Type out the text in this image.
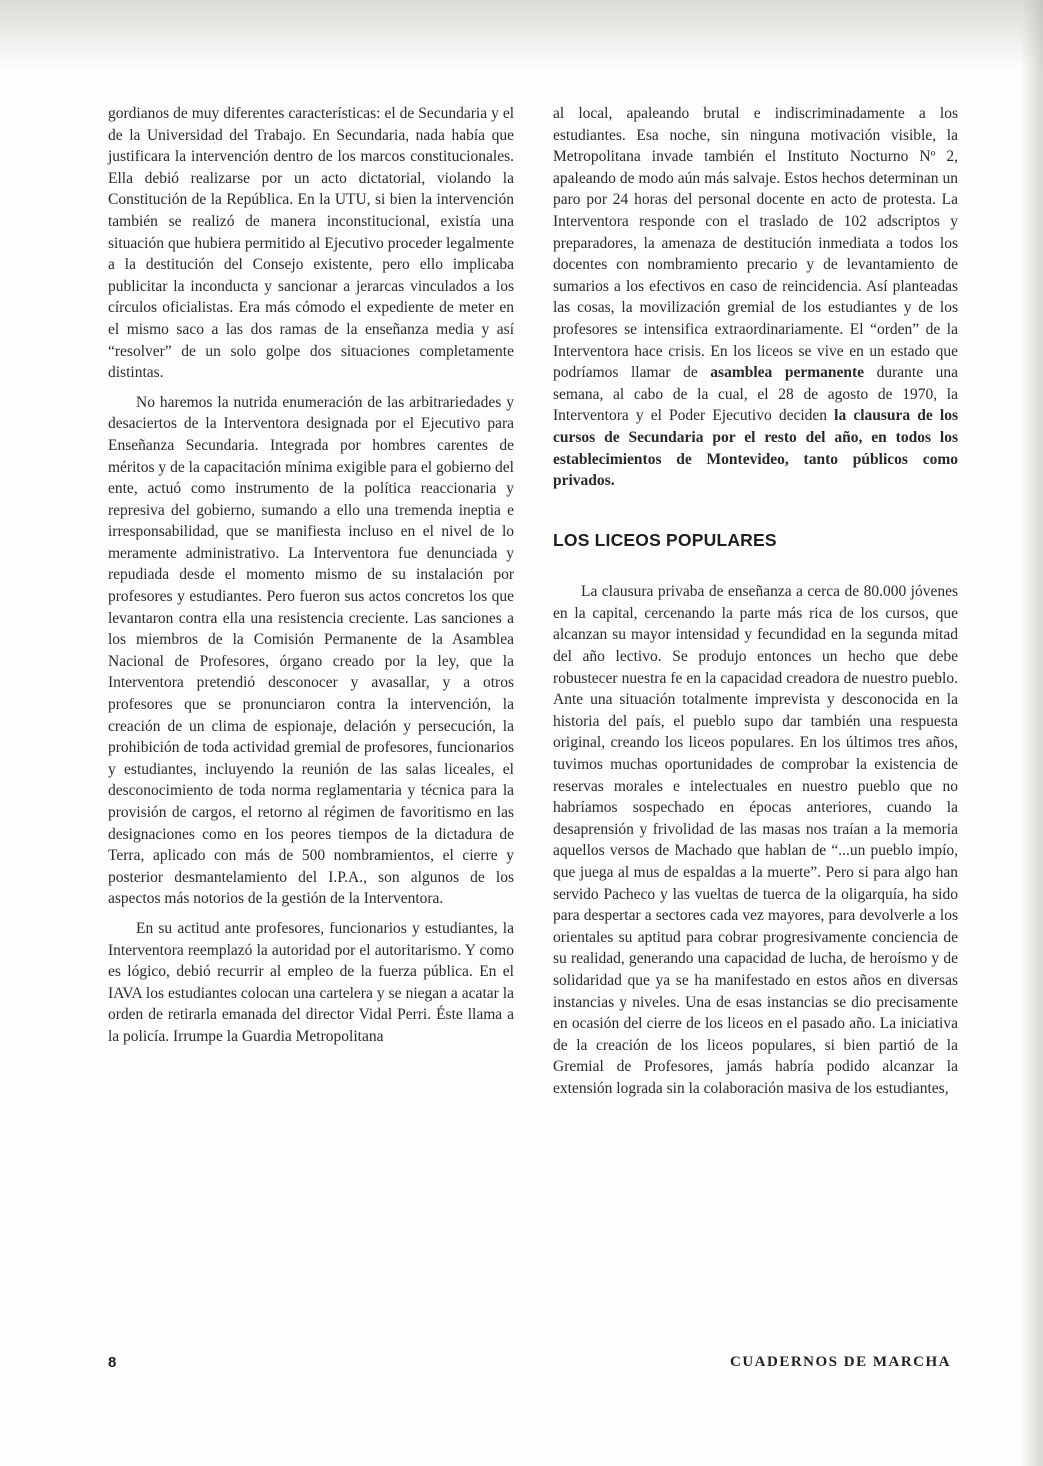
gordianos de muy diferentes características: el de Secundaria y el de la Universidad del Trabajo. En Secundaria, nada había que justificara la intervención dentro de los marcos constitucionales. Ella debió realizarse por un acto dictatorial, violando la Constitución de la República. En la UTU, si bien la intervención también se realizó de manera inconstitucional, existía una situación que hubiera permitido al Ejecutivo proceder legalmente a la destitución del Consejo existente, pero ello implicaba publicitar la inconducta y sancionar a jerarcas vinculados a los círculos oficialistas. Era más cómodo el expediente de meter en el mismo saco a las dos ramas de la enseñanza media y así “resolver” de un solo golpe dos situaciones completamente distintas.

No haremos la nutrida enumeración de las arbitrariedades y desaciertos de la Interventora designada por el Ejecutivo para Enseñanza Secundaria. Integrada por hombres carentes de méritos y de la capacitación mínima exigible para el gobierno del ente, actuó como instrumento de la política reaccionaria y represiva del gobierno, sumando a ello una tremenda ineptia e irresponsabilidad, que se manifiesta incluso en el nivel de lo meramente administrativo. La Interventora fue denunciada y repudiada desde el momento mismo de su instalación por profesores y estudiantes. Pero fueron sus actos concretos los que levantaron contra ella una resistencia creciente. Las sanciones a los miembros de la Comisión Permanente de la Asamblea Nacional de Profesores, órgano creado por la ley, que la Interventora pretendió desconocer y avasallar, y a otros profesores que se pronunciaron contra la intervención, la creación de un clima de espionaje, delación y persecución, la prohibición de toda actividad gremial de profesores, funcionarios y estudiantes, incluyendo la reunión de las salas liceales, el desconocimiento de toda norma reglamentaria y técnica para la provisión de cargos, el retorno al régimen de favoritismo en las designaciones como en los peores tiempos de la dictadura de Terra, aplicado con más de 500 nombramientos, el cierre y posterior desmantelamiento del I.P.A., son algunos de los aspectos más notorios de la gestión de la Interventora.

En su actitud ante profesores, funcionarios y estudiantes, la Interventora reemplazó la autoridad por el autoritarismo. Y como es lógico, debió recurrir al empleo de la fuerza pública. En el IAVA los estudiantes colocan una cartelera y se niegan a acatar la orden de retirarla emanada del director Vidal Perri. Éste llama a la policía. Irrumpe la Guardia Metropolitana

al local, apaleando brutal e indiscriminadamente a los estudiantes. Esa noche, sin ninguna motivación visible, la Metropolitana invade también el Instituto Nocturno Nº 2, apaleando de modo aún más salvaje. Estos hechos determinan un paro por 24 horas del personal docente en acto de protesta. La Interventora responde con el traslado de 102 adscriptos y preparadores, la amenaza de destitución inmediata a todos los docentes con nombramiento precario y de levantamiento de sumarios a los efectivos en caso de reincidencia. Así planteadas las cosas, la movilización gremial de los estudiantes y de los profesores se intensifica extraordinariamente. El “orden” de la Interventora hace crisis. En los liceos se vive en un estado que podríamos llamar de asamblea permanente durante una semana, al cabo de la cual, el 28 de agosto de 1970, la Interventora y el Poder Ejecutivo deciden la clausura de los cursos de Secundaria por el resto del año, en todos los establecimientos de Montevideo, tanto públicos como privados.

LOS LICEOS POPULARES

La clausura privaba de enseñanza a cerca de 80.000 jóvenes en la capital, cercenando la parte más rica de los cursos, que alcanzan su mayor intensidad y fecundidad en la segunda mitad del año lectivo. Se produjo entonces un hecho que debe robustecer nuestra fe en la capacidad creadora de nuestro pueblo. Ante una situación totalmente imprevista y desconocida en la historia del país, el pueblo supo dar también una respuesta original, creando los liceos populares. En los últimos tres años, tuvimos muchas oportunidades de comprobar la existencia de reservas morales e intelectuales en nuestro pueblo que no habríamos sospechado en épocas anteriores, cuando la desaprensión y frivolidad de las masas nos traían a la memoria aquellos versos de Machado que hablan de “...un pueblo impío, que juega al mus de espaldas a la muerte”. Pero si para algo han servido Pacheco y las vueltas de tuerca de la oligarquía, ha sido para despertar a sectores cada vez mayores, para devolverle a los orientales su aptitud para cobrar progresivamente conciencia de su realidad, generando una capacidad de lucha, de heroísmo y de solidaridad que ya se ha manifestado en estos años en diversas instancias y niveles. Una de esas instancias se dio precisamente en ocasión del cierre de los liceos en el pasado año. La iniciativa de la creación de los liceos populares, si bien partió de la Gremial de Profesores, jamás habría podido alcanzar la extensión lograda sin la colaboración masiva de los estudiantes,

8	CUADERNOS DE MARCHA
